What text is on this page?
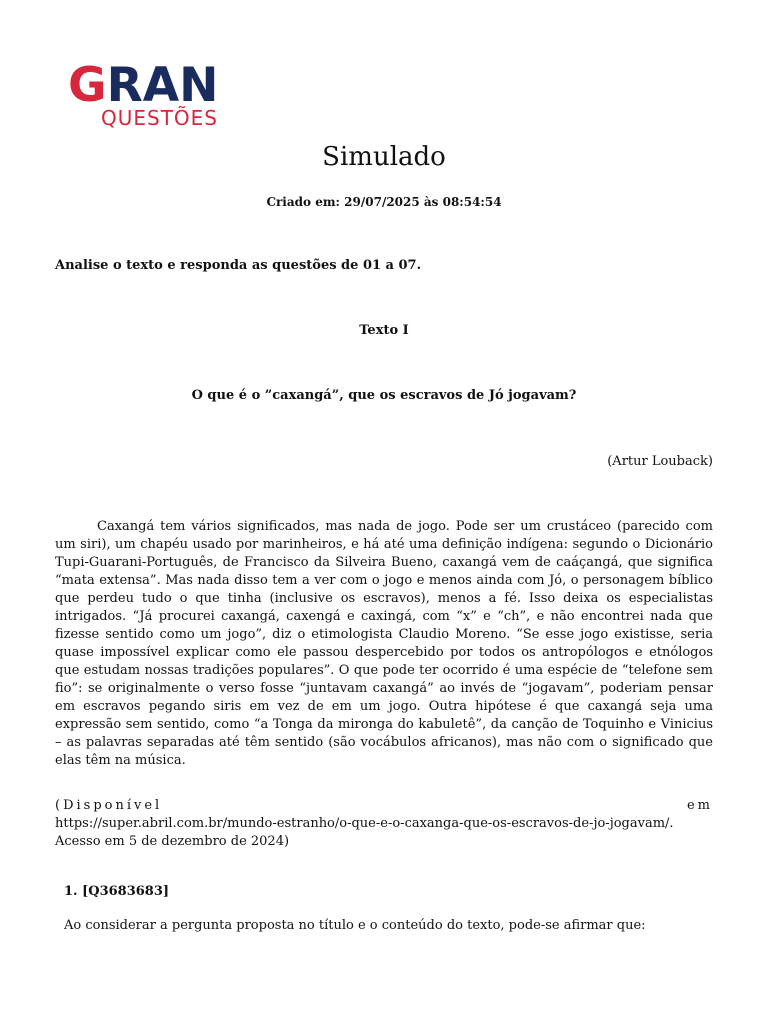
GRAN
QUESTÕES
Simulado
Criado em: 29/07/2025 às 08:54:54
Analise o texto e responda as questões de 01 a 07.
Texto I
O que é o ”caxangá”, que os escravos de Jó jogavam?
(Artur Louback)

Caxangá tem vários significados, mas nada de jogo. Pode ser um crustáceo (parecido com um siri), um chapéu usado por marinheiros, e há até uma definição indígena: segundo o Dicionário Tupi-Guarani-Português, de Francisco da Silveira Bueno, caxangá vem de caáçangá, que significa “mata extensa”. Mas nada disso tem a ver com o jogo e menos ainda com Jó, o personagem bíblico que perdeu tudo o que tinha (inclusive os escravos), menos a fé. Isso deixa os especialistas intrigados. “Já procurei caxangá, caxengá e caxingá, com “x” e “ch”, e não encontrei nada que fizesse sentido como um jogo”, diz o etimologista Claudio Moreno. “Se esse jogo existisse, seria quase impossível explicar como ele passou despercebido por todos os antropólogos e etnólogos que estudam nossas tradições populares”. O que pode ter ocorrido é uma espécie de “telefone sem fio”: se originalmente o verso fosse “juntavam caxangá” ao invés de “jogavam”, poderiam pensar em escravos pegando siris em vez de em um jogo. Outra hipótese é que caxangá seja uma expressão sem sentido, como “a Tonga da mironga do kabuletê”, da canção de Toquinho e Vinicius – as palavras separadas até têm sentido (são vocábulos africanos), mas não com o significado que elas têm na música.

(Disponível	em
https://super.abril.com.br/mundo-estranho/o-que-e-o-caxanga-que-os-escravos-de-jo-jogavam/. Acesso em 5 de dezembro de 2024)
1. [Q3683683]
Ao considerar a pergunta proposta no título e o conteúdo do texto, pode-se afirmar que:
